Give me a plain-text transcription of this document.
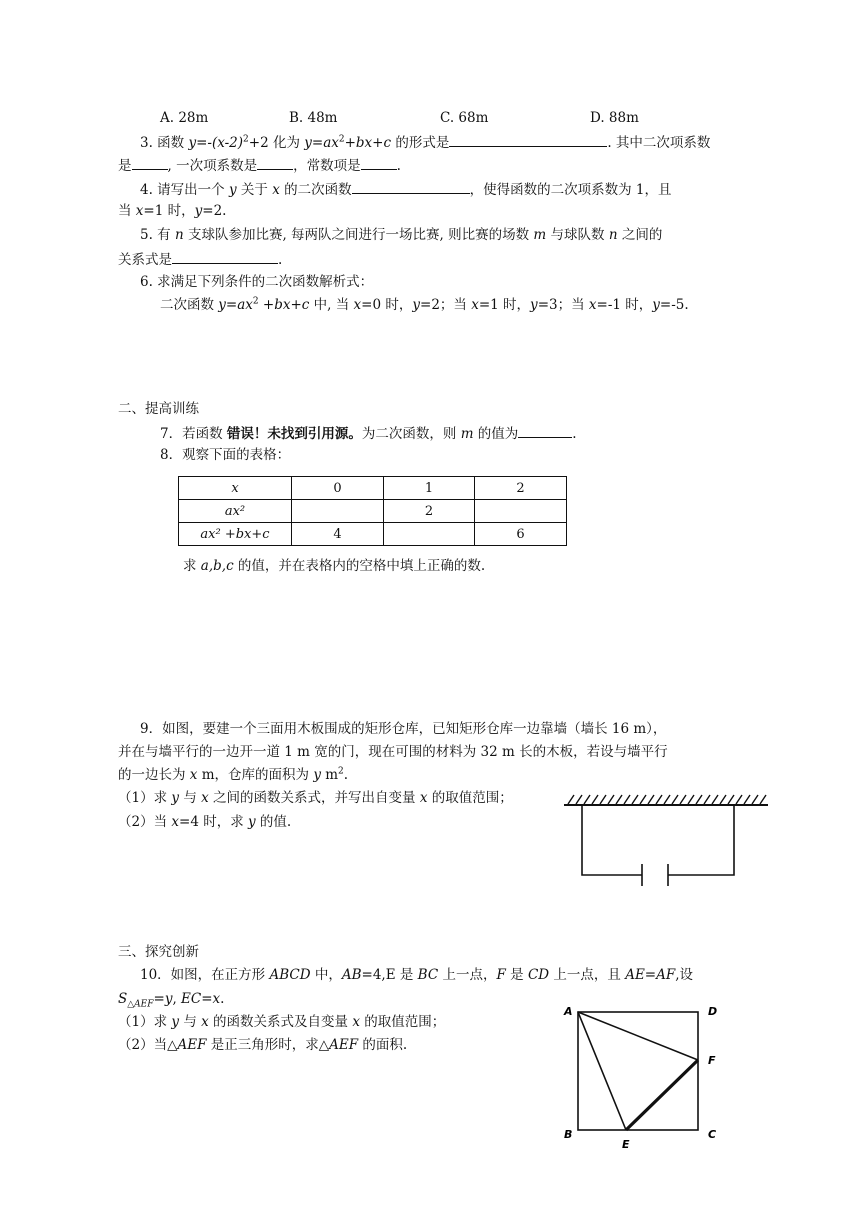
A. 28m	B. 48m	C. 68m	D. 88m
3. 函数 $y=-(x-2)^2+2$ 化为 $y=ax^2+bx+c$ 的形式是	. 其中二次项系数
是	, 一次项系数是	，常数项是	.
4. 请写出一个 y 关于 x 的二次函数	，使得函数的二次项系数为 1，且
当 x=1 时，y=2.
5. 有 n 支球队参加比赛, 每两队之间进行一场比赛, 则比赛的场数 m 与球队数 n 之间的
关系式是	.
6. 求满足下列条件的二次函数解析式：
二次函数 $y=ax^2 +bx+c$ 中, 当 x=0 时，y=2；当 x=1 时，y=3；当 x=-1 时，y=-5.
二、提高训练
7．若函数 错误！未找到引用源。为二次函数，则 m 的值为	.
8．观察下面的表格：
x	0	1	2
ax²		2	
ax² +bx+c	4		6
求 a,b,c 的值，并在表格内的空格中填上正确的数.
9．如图，要建一个三面用木板围成的矩形仓库，已知矩形仓库一边靠墙（墙长 16 m），
并在与墙平行的一边开一道 1 m 宽的门，现在可围的材料为 32 m 长的木板，若设与墙平行
的一边长为 x m，仓库的面积为 y $m^2$.
（1）求 y 与 x 之间的函数关系式，并写出自变量 x 的取值范围；
（2）当 x=4 时，求 y 的值.
三、探究创新
10．如图，在正方形 ABCD 中，AB=4,E 是 BC 上一点，F 是 CD 上一点，且 AE=AF,设
$S_{\triangle AEF}=y$, EC=x.
（1）求 y 与 x 的函数关系式及自变量 x 的取值范围；
（2）当△AEF 是正三角形时，求△AEF 的面积.
A	D
F
B	C
E
